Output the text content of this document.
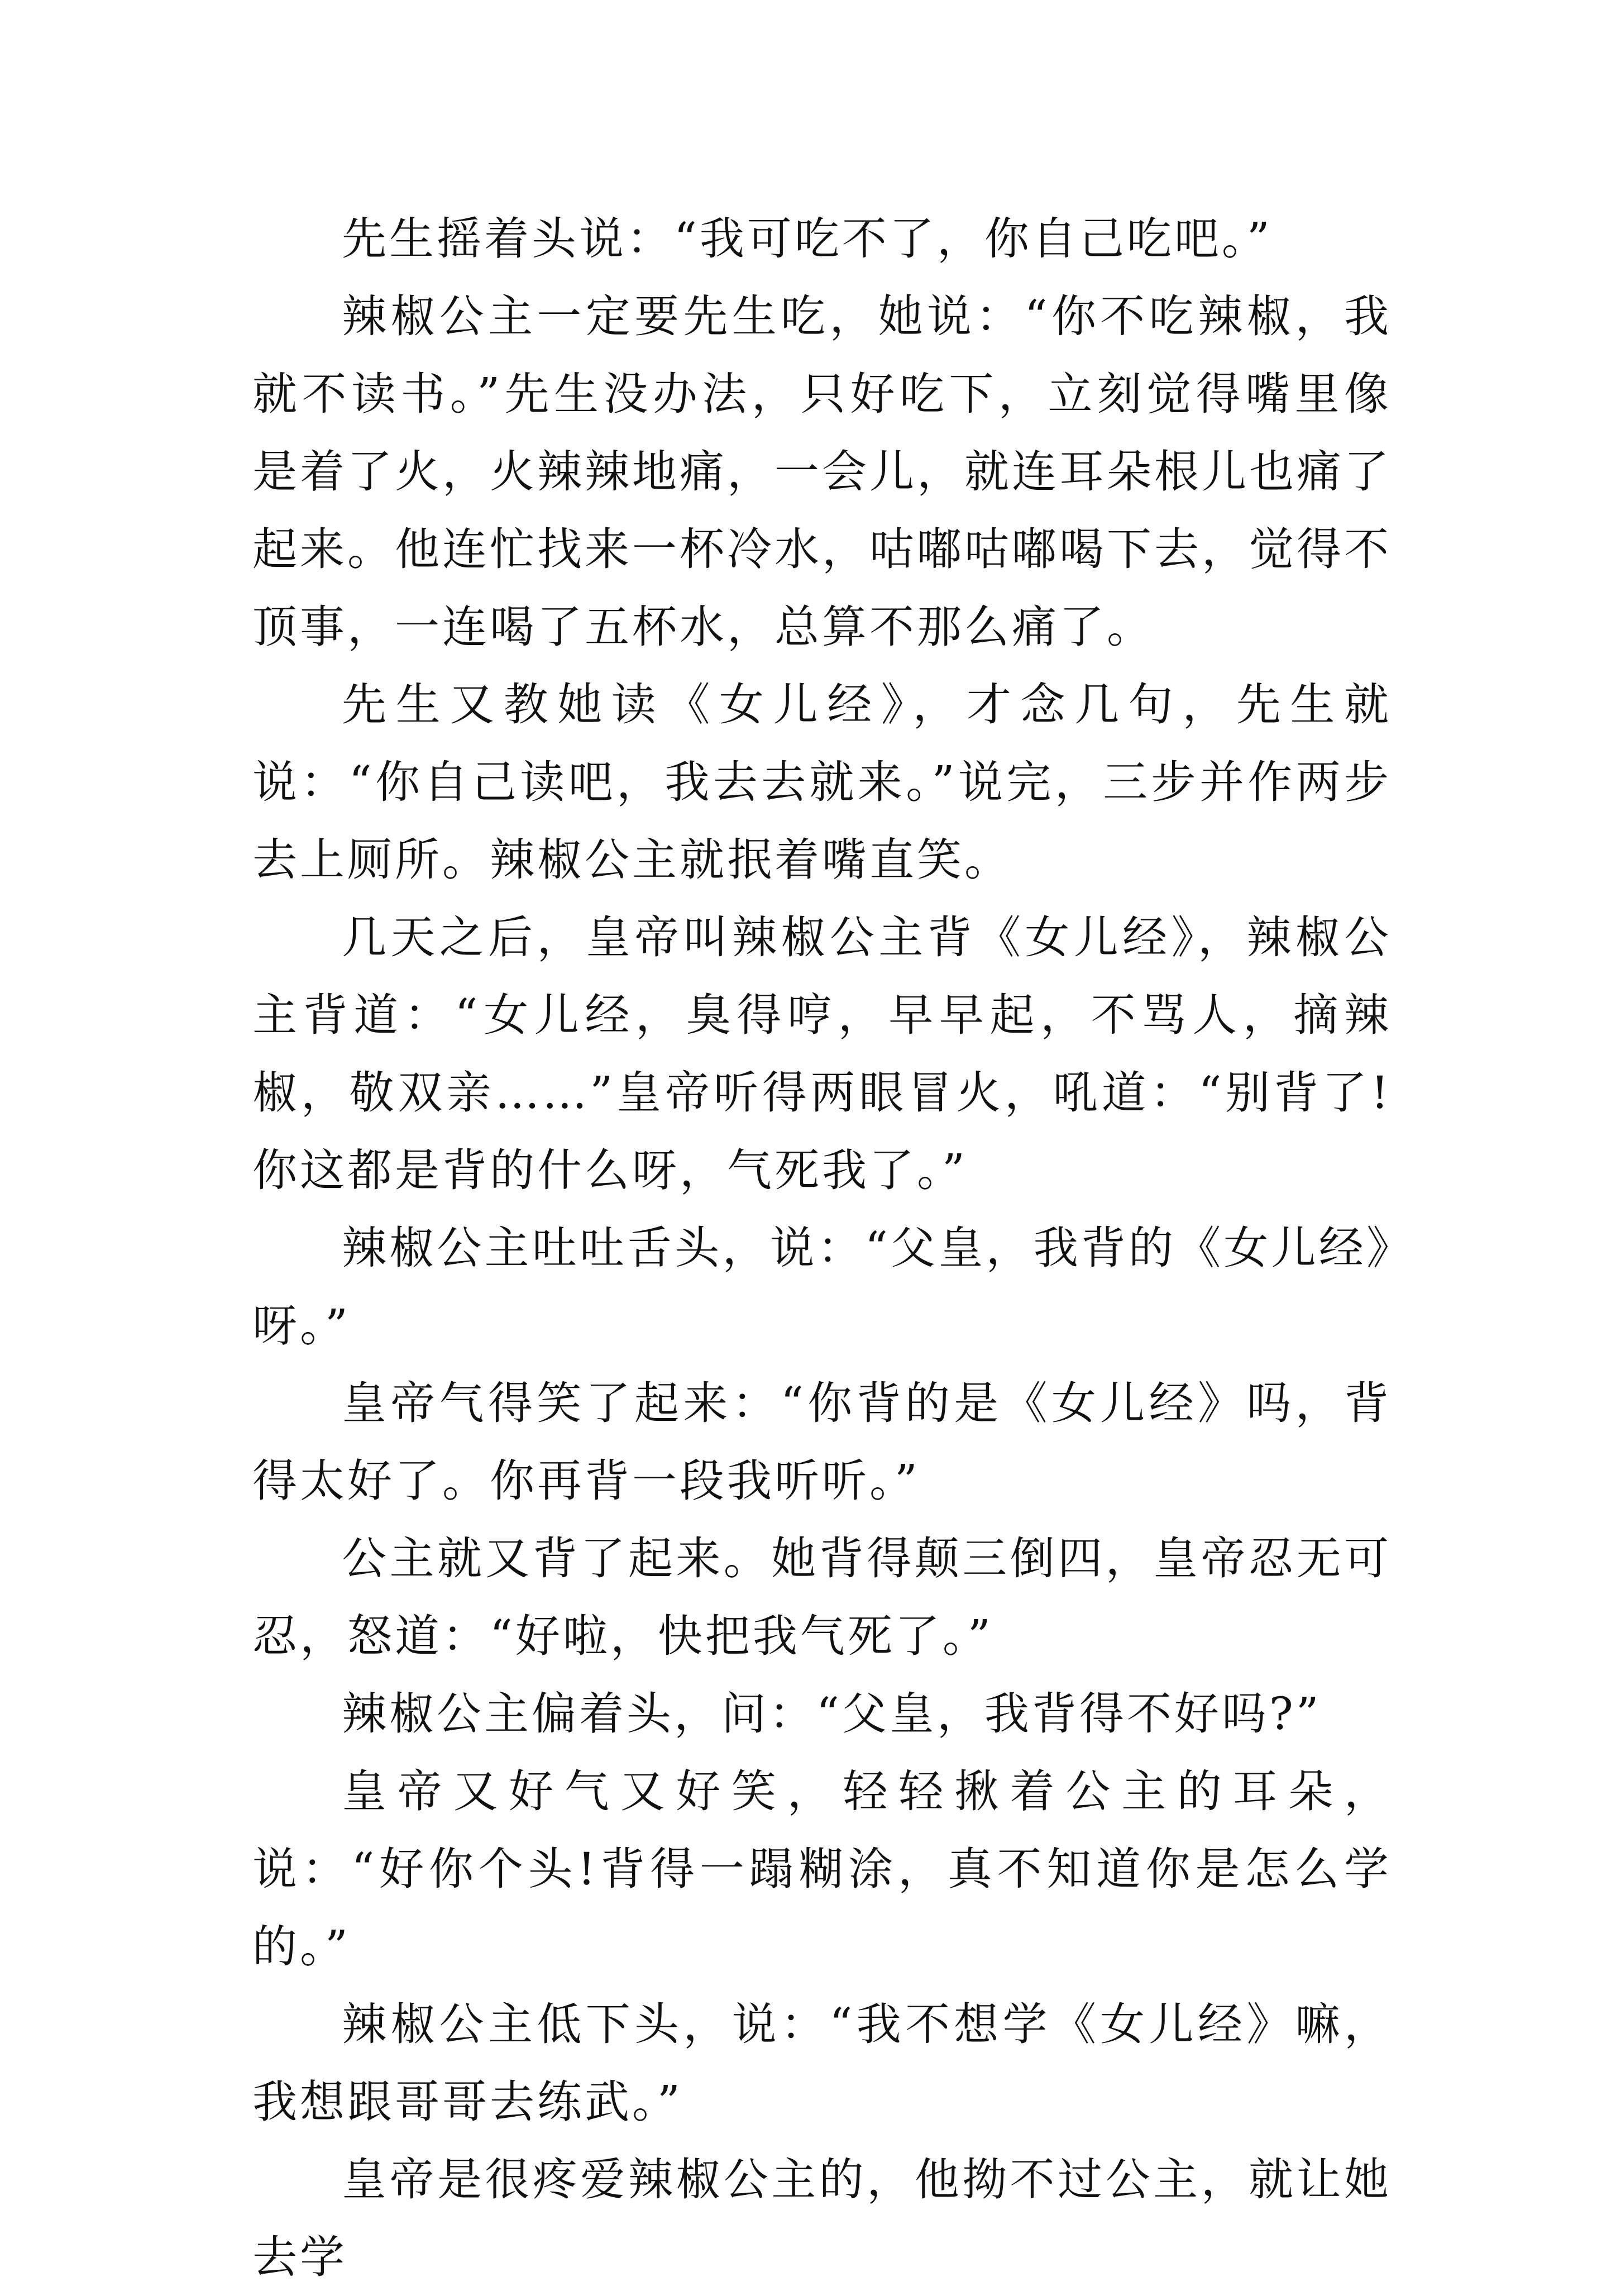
先生摇着头说：“我可吃不了，你自己吃吧。”

辣椒公主一定要先生吃，她说：“你不吃辣椒，我就不读书。”先生没办法，只好吃下，立刻觉得嘴里像是着了火，火辣辣地痛，一会儿，就连耳朵根儿也痛了起来。他连忙找来一杯冷水，咕嘟咕嘟喝下去，觉得不顶事，一连喝了五杯水，总算不那么痛了。

先生又教她读《女儿经》，才念几句，先生就说：“你自己读吧，我去去就来。”说完，三步并作两步去上厕所。辣椒公主就抿着嘴直笑。

几天之后，皇帝叫辣椒公主背《女儿经》，辣椒公主背道：“女儿经，臭得哼，早早起，不骂人，摘辣椒，敬双亲……”皇帝听得两眼冒火，吼道：“别背了!你这都是背的什么呀，气死我了。”

辣椒公主吐吐舌头，说：“父皇，我背的《女儿经》呀。”

皇帝气得笑了起来：“你背的是《女儿经》吗，背得太好了。你再背一段我听听。”

公主就又背了起来。她背得颠三倒四，皇帝忍无可忍，怒道：“好啦，快把我气死了。”

辣椒公主偏着头，问：“父皇，我背得不好吗?”

皇帝又好气又好笑，轻轻揪着公主的耳朵，说：“好你个头!背得一蹋糊涂，真不知道你是怎么学的。”

辣椒公主低下头，说：“我不想学《女儿经》嘛，我想跟哥哥去练武。”

皇帝是很疼爱辣椒公主的，他拗不过公主，就让她去学
